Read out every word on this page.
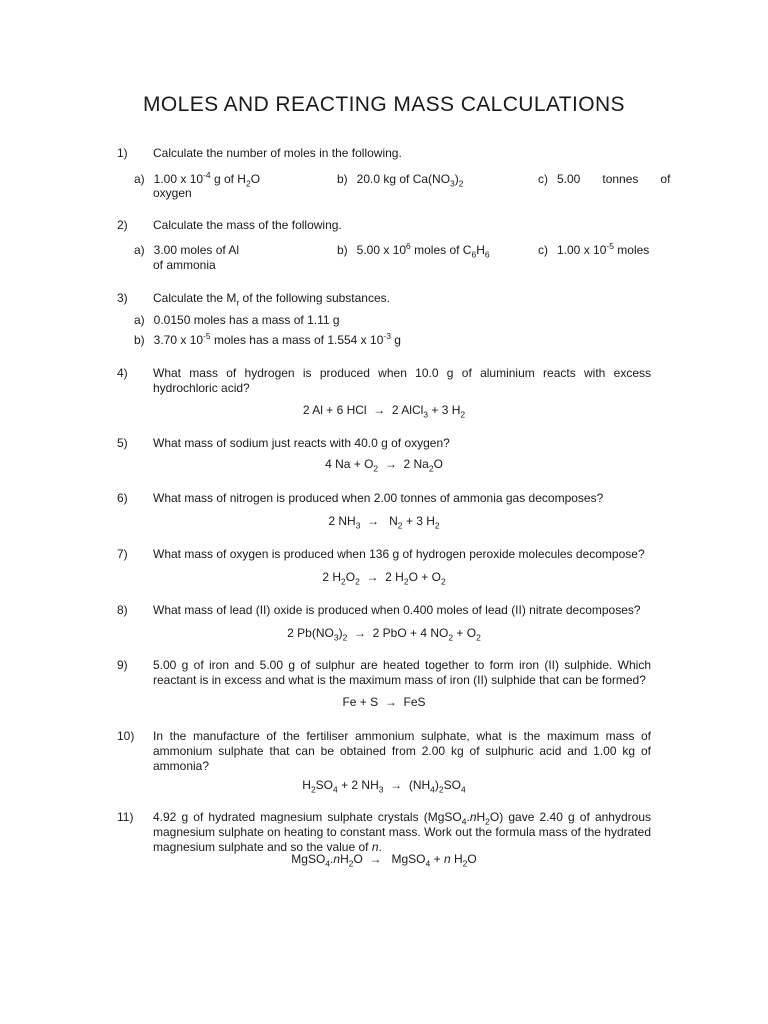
MOLES AND REACTING MASS CALCULATIONS
1) Calculate the number of moles in the following.
a) 1.00 x $10^{-4}$ g of $H_2O$	b) 20.0 kg of $Ca(NO_3)_2$	c) 5.00 tonnes of
oxygen
2) Calculate the mass of the following.
a) 3.00 moles of Al	b) 5.00 x $10^6$ moles of $C_6H_6$	c) 1.00 x $10^{-5}$ moles
of ammonia
3) Calculate the $M_r$ of the following substances.
a) 0.0150 moles has a mass of 1.11 g
b) 3.70 x $10^{-5}$ moles has a mass of 1.554 x $10^{-3}$ g
4) What mass of hydrogen is produced when 10.0 g of aluminium reacts with excess hydrochloric acid?
2 Al + 6 HCl → 2 AlCl$_3$ + 3 $H_2$
5) What mass of sodium just reacts with 40.0 g of oxygen?
4 $Na + O_2 \to 2$ $Na_2O$
6) What mass of nitrogen is produced when 2.00 tonnes of ammonia gas decomposes?
2 $NH_3 \to N_2 + 3$ $H_2$
7) What mass of oxygen is produced when 136 g of hydrogen peroxide molecules decompose?
2 $H_2O_2 \to 2$ $H_2O + O_2$
8) What mass of lead (II) oxide is produced when 0.400 moles of lead (II) nitrate decomposes?
2 $Pb(NO_3)_2 \to 2$ PbO + 4 $NO_2 + O_2$
9) 5.00 g of iron and 5.00 g of sulphur are heated together to form iron (II) sulphide. Which reactant is in excess and what is the maximum mass of iron (II) sulphide that can be formed?
Fe + S → FeS
10) In the manufacture of the fertiliser ammonium sulphate, what is the maximum mass of ammonium sulphate that can be obtained from 2.00 kg of sulphuric acid and 1.00 kg of ammonia?
$H_2SO_4 + 2$ $NH_3 \to (NH_4)_2SO_4$
11) 4.92 g of hydrated magnesium sulphate crystals $(MgSO_4.nH_2O)$ gave 2.40 g of anhydrous magnesium sulphate on heating to constant mass. Work out the formula mass of the hydrated magnesium sulphate and so the value of n.
$MgSO_4.nH_2O$ → MgSO$_4$ + n $H_2O$
